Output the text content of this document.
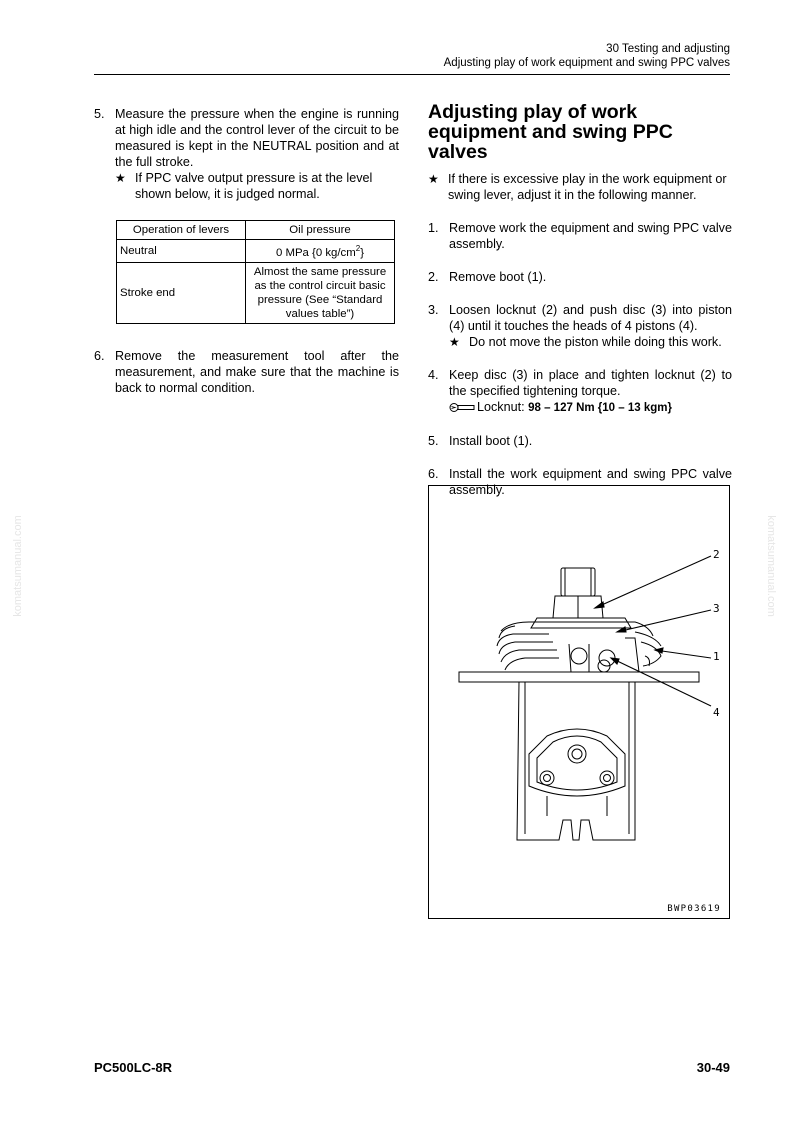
30 Testing and adjusting
Adjusting play of work equipment and swing PPC valves
komatsumanual.com	komatsumanual.com
5. Measure the pressure when the engine is running at high idle and the control lever of the circuit to be measured is kept in the NEUTRAL position and at the full stroke.
★ If PPC valve output pressure is at the level shown below, it is judged normal.
Operation of levers	Oil pressure
Neutral	0 MPa {0 $kg/cm^2$}
Stroke end	Almost the same pressure as the control circuit basic pressure (See “Standard values table”)
6. Remove the measurement tool after the measurement, and make sure that the machine is back to normal condition.
Adjusting play of work equipment and swing PPC valves
★ If there is excessive play in the work equipment or swing lever, adjust it in the following manner.
1. Remove work the equipment and swing PPC valve assembly.
2. Remove boot (1).
3. Loosen locknut (2) and push disc (3) into piston (4) until it touches the heads of 4 pistons (4).
★ Do not move the piston while doing this work.
4. Keep disc (3) in place and tighten locknut (2) to the specified tightening torque.
Locknut: 98 – 127 Nm {10 – 13 kgm}
5. Install boot (1).
6. Install the work equipment and swing PPC valve assembly.
2
3
1
4
BWP03619
PC500LC-8R	30-49
